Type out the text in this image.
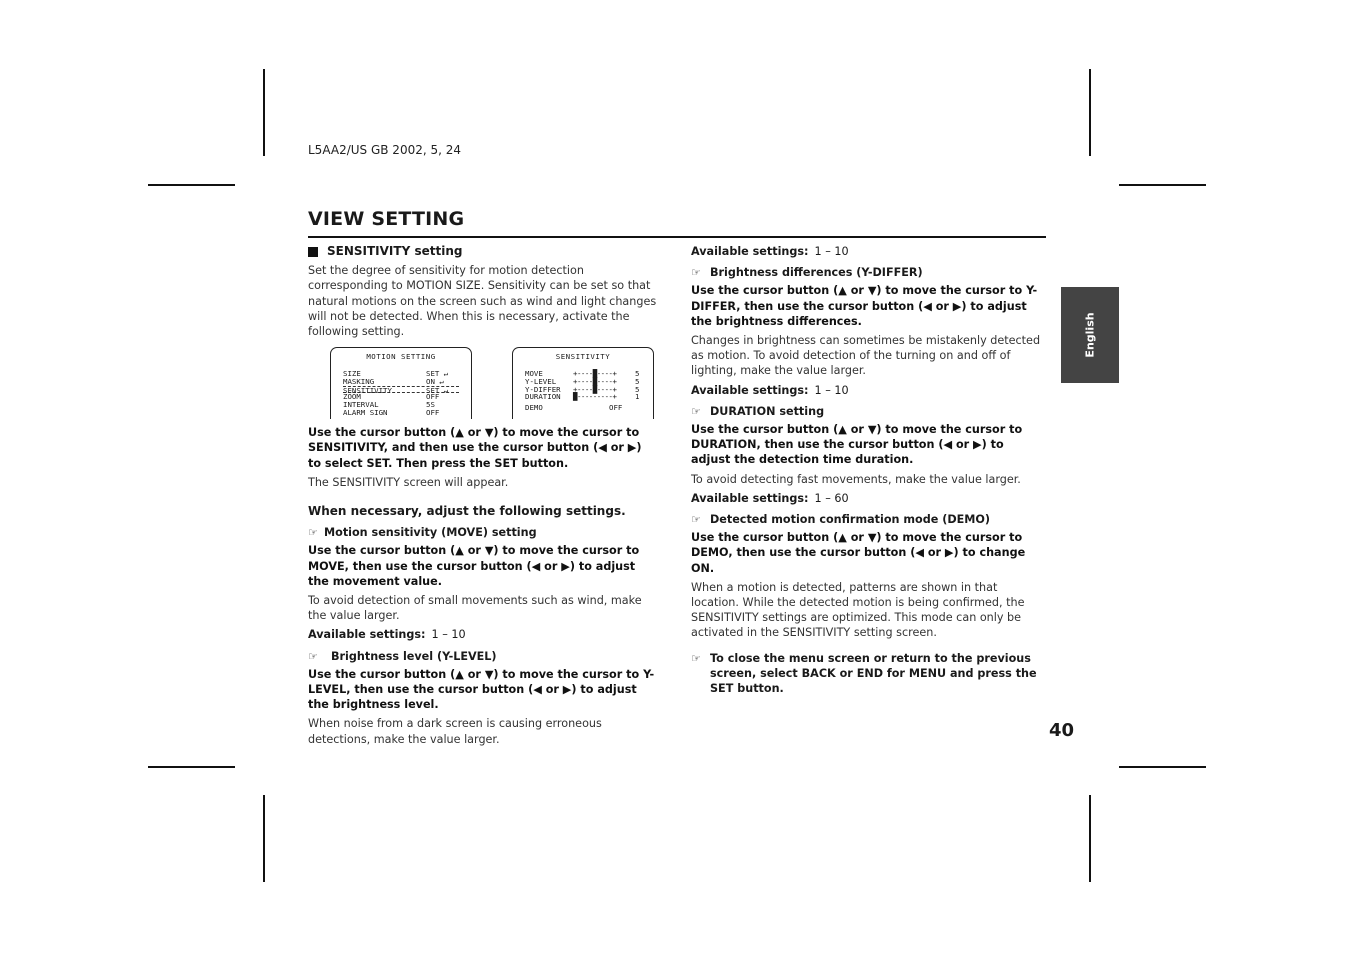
L5AA2/US GB 2002, 5, 24
VIEW SETTING
English
40
SENSITIVITY setting

Set the degree of sensitivity for motion detection corresponding to MOTION SIZE. Sensitivity can be set so that natural motions on the screen such as wind and light changes will not be detected. When this is necessary, activate the following setting.

MOTION SETTING
SIZE	SET ↵
MASKING	ON ↵
SENSITIVITY	SET ↵
ZOOM	OFF
INTERVAL	5S
ALARM SIGN	OFF
SENSITIVITY
MOVE	+----█----+	5
Y-LEVEL +----█----+	5
Y-DIFFER +----█----+	5
DURATION █---------+	1
DEMO	OFF

Use the cursor button (▲ or ▼) to move the cursor to SENSITIVITY, and then use the cursor button (◀ or ▶) to select SET. Then press the SET button.

The SENSITIVITY screen will appear.

When necessary, adjust the following settings.
☞ Motion sensitivity (MOVE) setting

Use the cursor button (▲ or ▼) to move the cursor to MOVE, then use the cursor button (◀ or ▶) to adjust the movement value.

To avoid detection of small movements such as wind, make the value larger.

Available settings: 1 – 10

☞	Brightness level (Y-LEVEL)

Use the cursor button (▲ or ▼) to move the cursor to Y-LEVEL, then use the cursor button (◀ or ▶) to adjust the brightness level.

When noise from a dark screen is causing erroneous detections, make the value larger.

Available settings: 1 – 10

☞ Brightness differences (Y-DIFFER)

Use the cursor button (▲ or ▼) to move the cursor to Y-DIFFER, then use the cursor button (◀ or ▶) to adjust the brightness differences.

Changes in brightness can sometimes be mistakenly detected as motion. To avoid detection of the turning on and off of lighting, make the value larger.

Available settings: 1 – 10

☞ DURATION setting

Use the cursor button (▲ or ▼) to move the cursor to DURATION, then use the cursor button (◀ or ▶) to adjust the detection time duration.

To avoid detecting fast movements, make the value larger.

Available settings: 1 – 60

☞ Detected motion confirmation mode (DEMO)

Use the cursor button (▲ or ▼) to move the cursor to DEMO, then use the cursor button (◀ or ▶) to change ON.

When a motion is detected, patterns are shown in that location. While the detected motion is being confirmed, the SENSITIVITY settings are optimized. This mode can only be activated in the SENSITIVITY setting screen.

☞ To close the menu screen or return to the previous screen, select BACK or END for MENU and press the SET button.
